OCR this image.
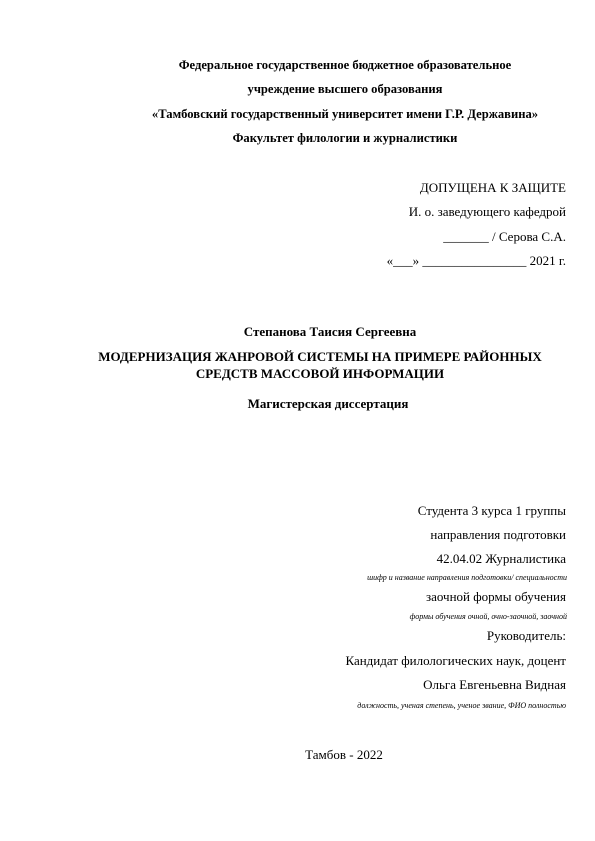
Федеральное государственное бюджетное образовательное
учреждение высшего образования
«Тамбовский государственный университет имени Г.Р. Державина»
Факультет филологии и журналистики
ДОПУЩЕНА К ЗАЩИТЕ
И. о. заведующего кафедрой
_______ / Серова С.А.
«___» ________________ 2021 г.
Степанова Таисия Сергеевна
МОДЕРНИЗАЦИЯ ЖАНРОВОЙ СИСТЕМЫ НА ПРИМЕРЕ РАЙОННЫХ
СРЕДСТВ МАССОВОЙ ИНФОРМАЦИИ
Магистерская диссертация
Студента 3 курса 1 группы
направления подготовки
42.04.02 Журналистика
шифр и название направления подготовки/ специальности
заочной формы обучения
формы обучения очной, очно-заочной, заочной
Руководитель:
Кандидат филологических наук, доцент
Ольга Евгеньевна Видная
должность, ученая степень, ученое звание, ФИО полностью
Тамбов - 2022
